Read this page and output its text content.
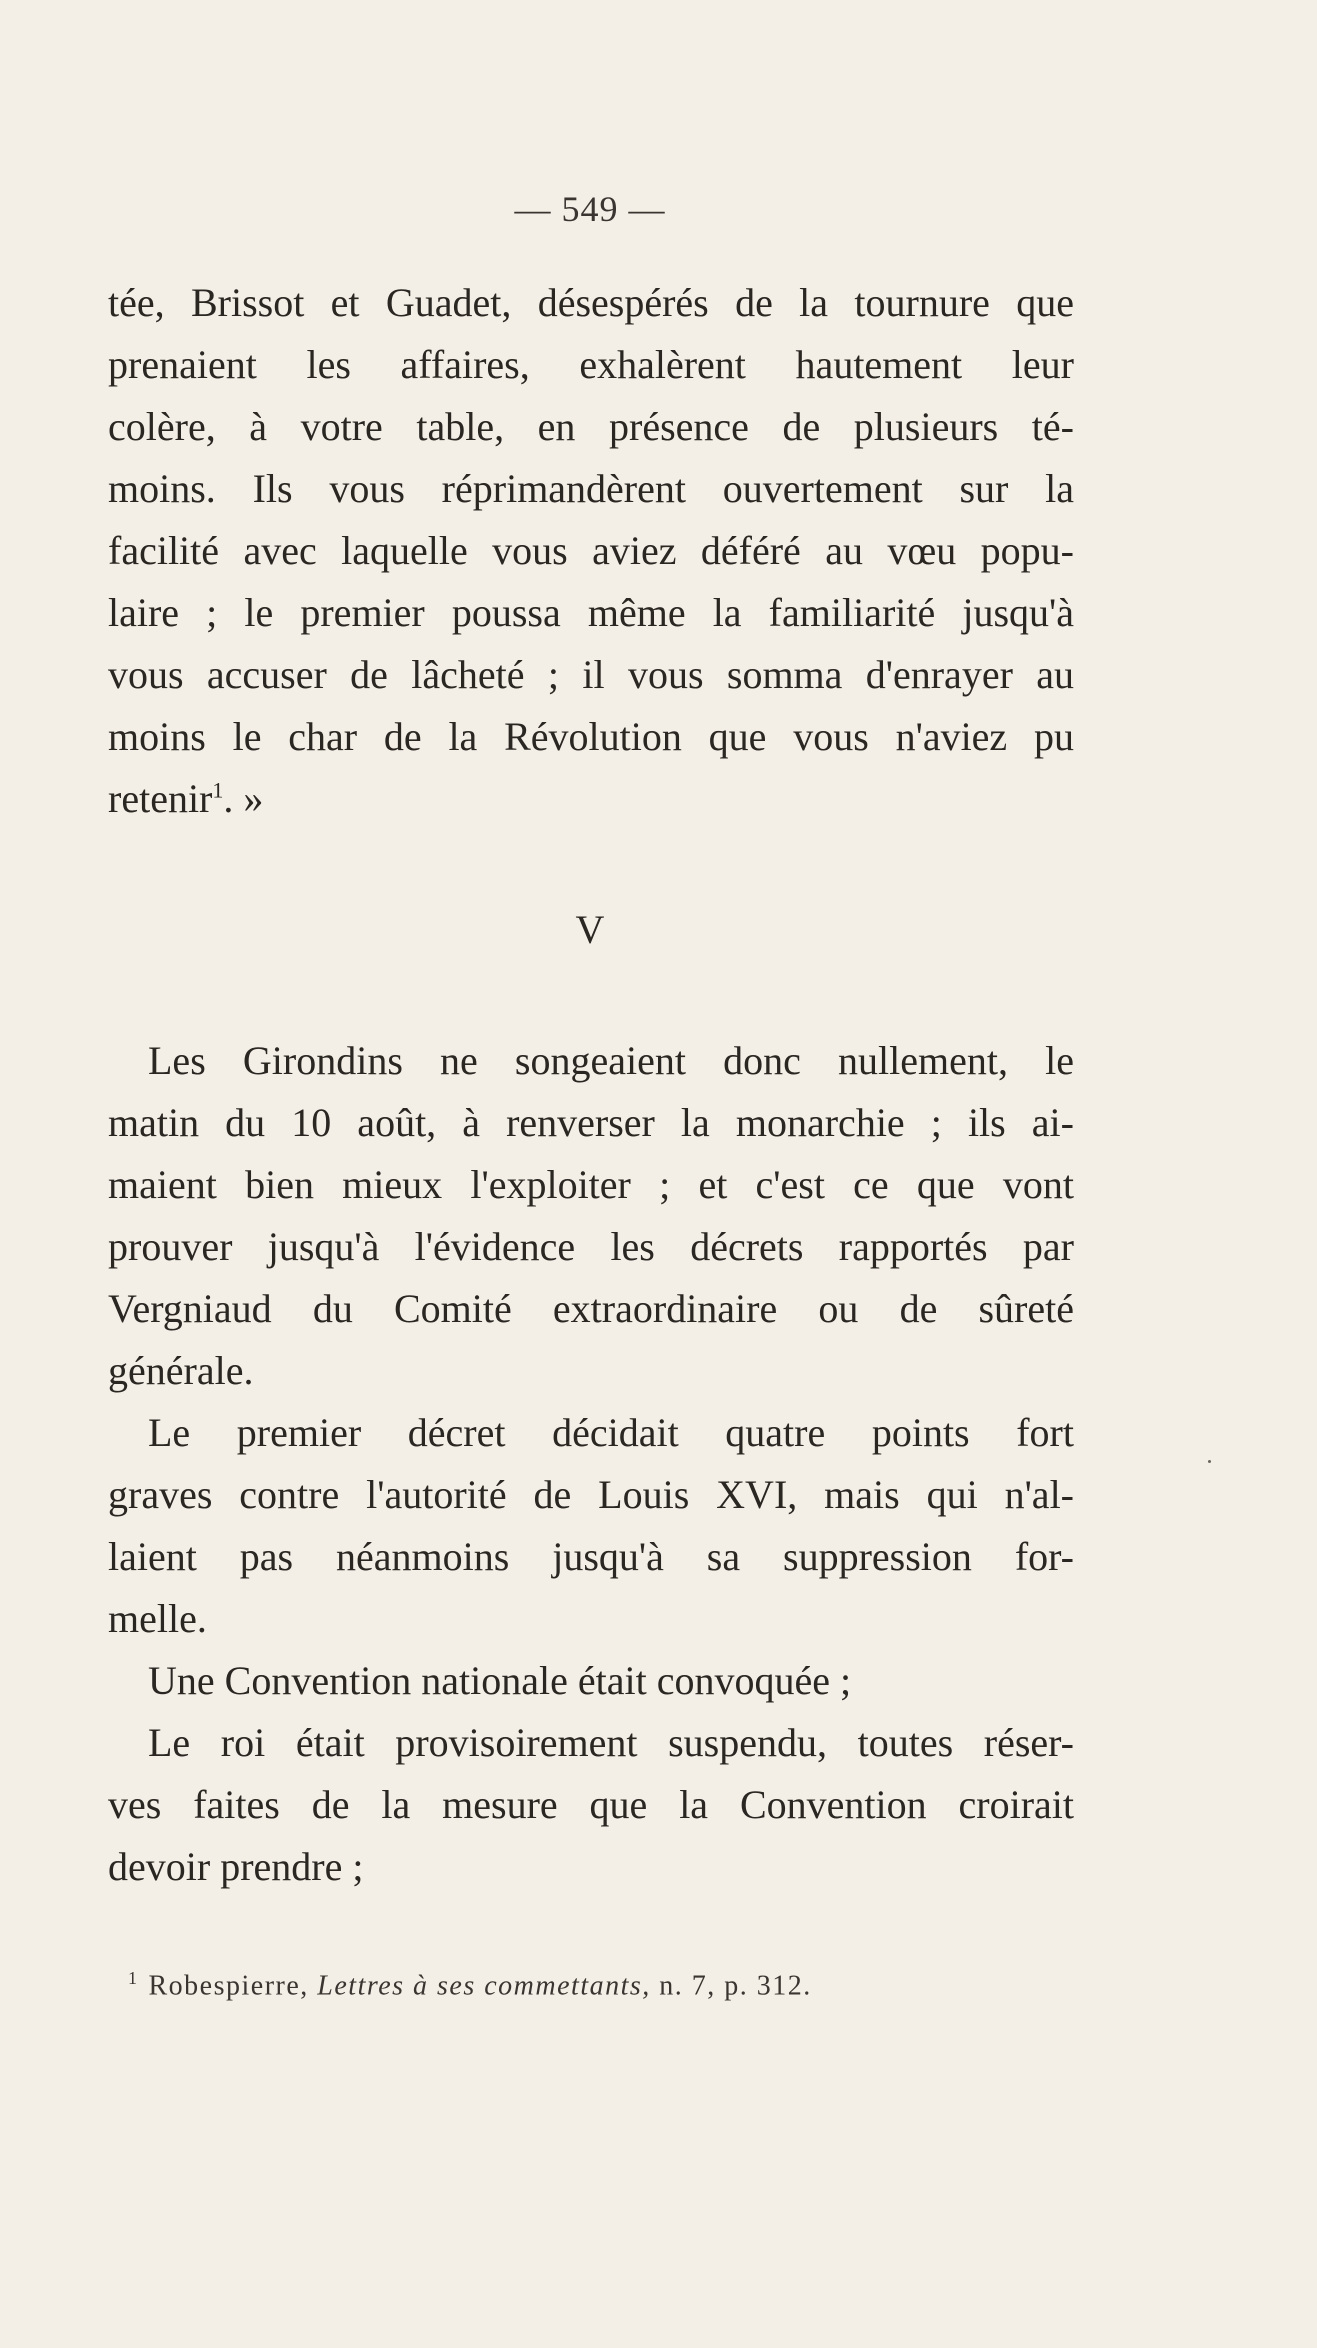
— 549 —
tée, Brissot et Guadet, désespérés de la tournure que
prenaient les affaires, exhalèrent hautement leur
colère, à votre table, en présence de plusieurs té-
moins. Ils vous réprimandèrent ouvertement sur la
facilité avec laquelle vous aviez déféré au vœu popu-
laire ; le premier poussa même la familiarité jusqu'à
vous accuser de lâcheté ; il vous somma d'enrayer au
moins le char de la Révolution que vous n'aviez pu
retenir$^1$. »
V
Les Girondins ne songeaient donc nullement, le
matin du 10 août, à renverser la monarchie ; ils ai-
maient bien mieux l'exploiter ; et c'est ce que vont
prouver jusqu'à l'évidence les décrets rapportés par
Vergniaud du Comité extraordinaire ou de sûreté
générale.
Le premier décret décidait quatre points fort
graves contre l'autorité de Louis XVI, mais qui n'al-
laient pas néanmoins jusqu'à sa suppression for-
melle.
Une Convention nationale était convoquée ;
Le roi était provisoirement suspendu, toutes réser-
ves faites de la mesure que la Convention croirait
devoir prendre ;
$^1$ Robespierre, Lettres à ses commettants, n. 7, p. 312.
